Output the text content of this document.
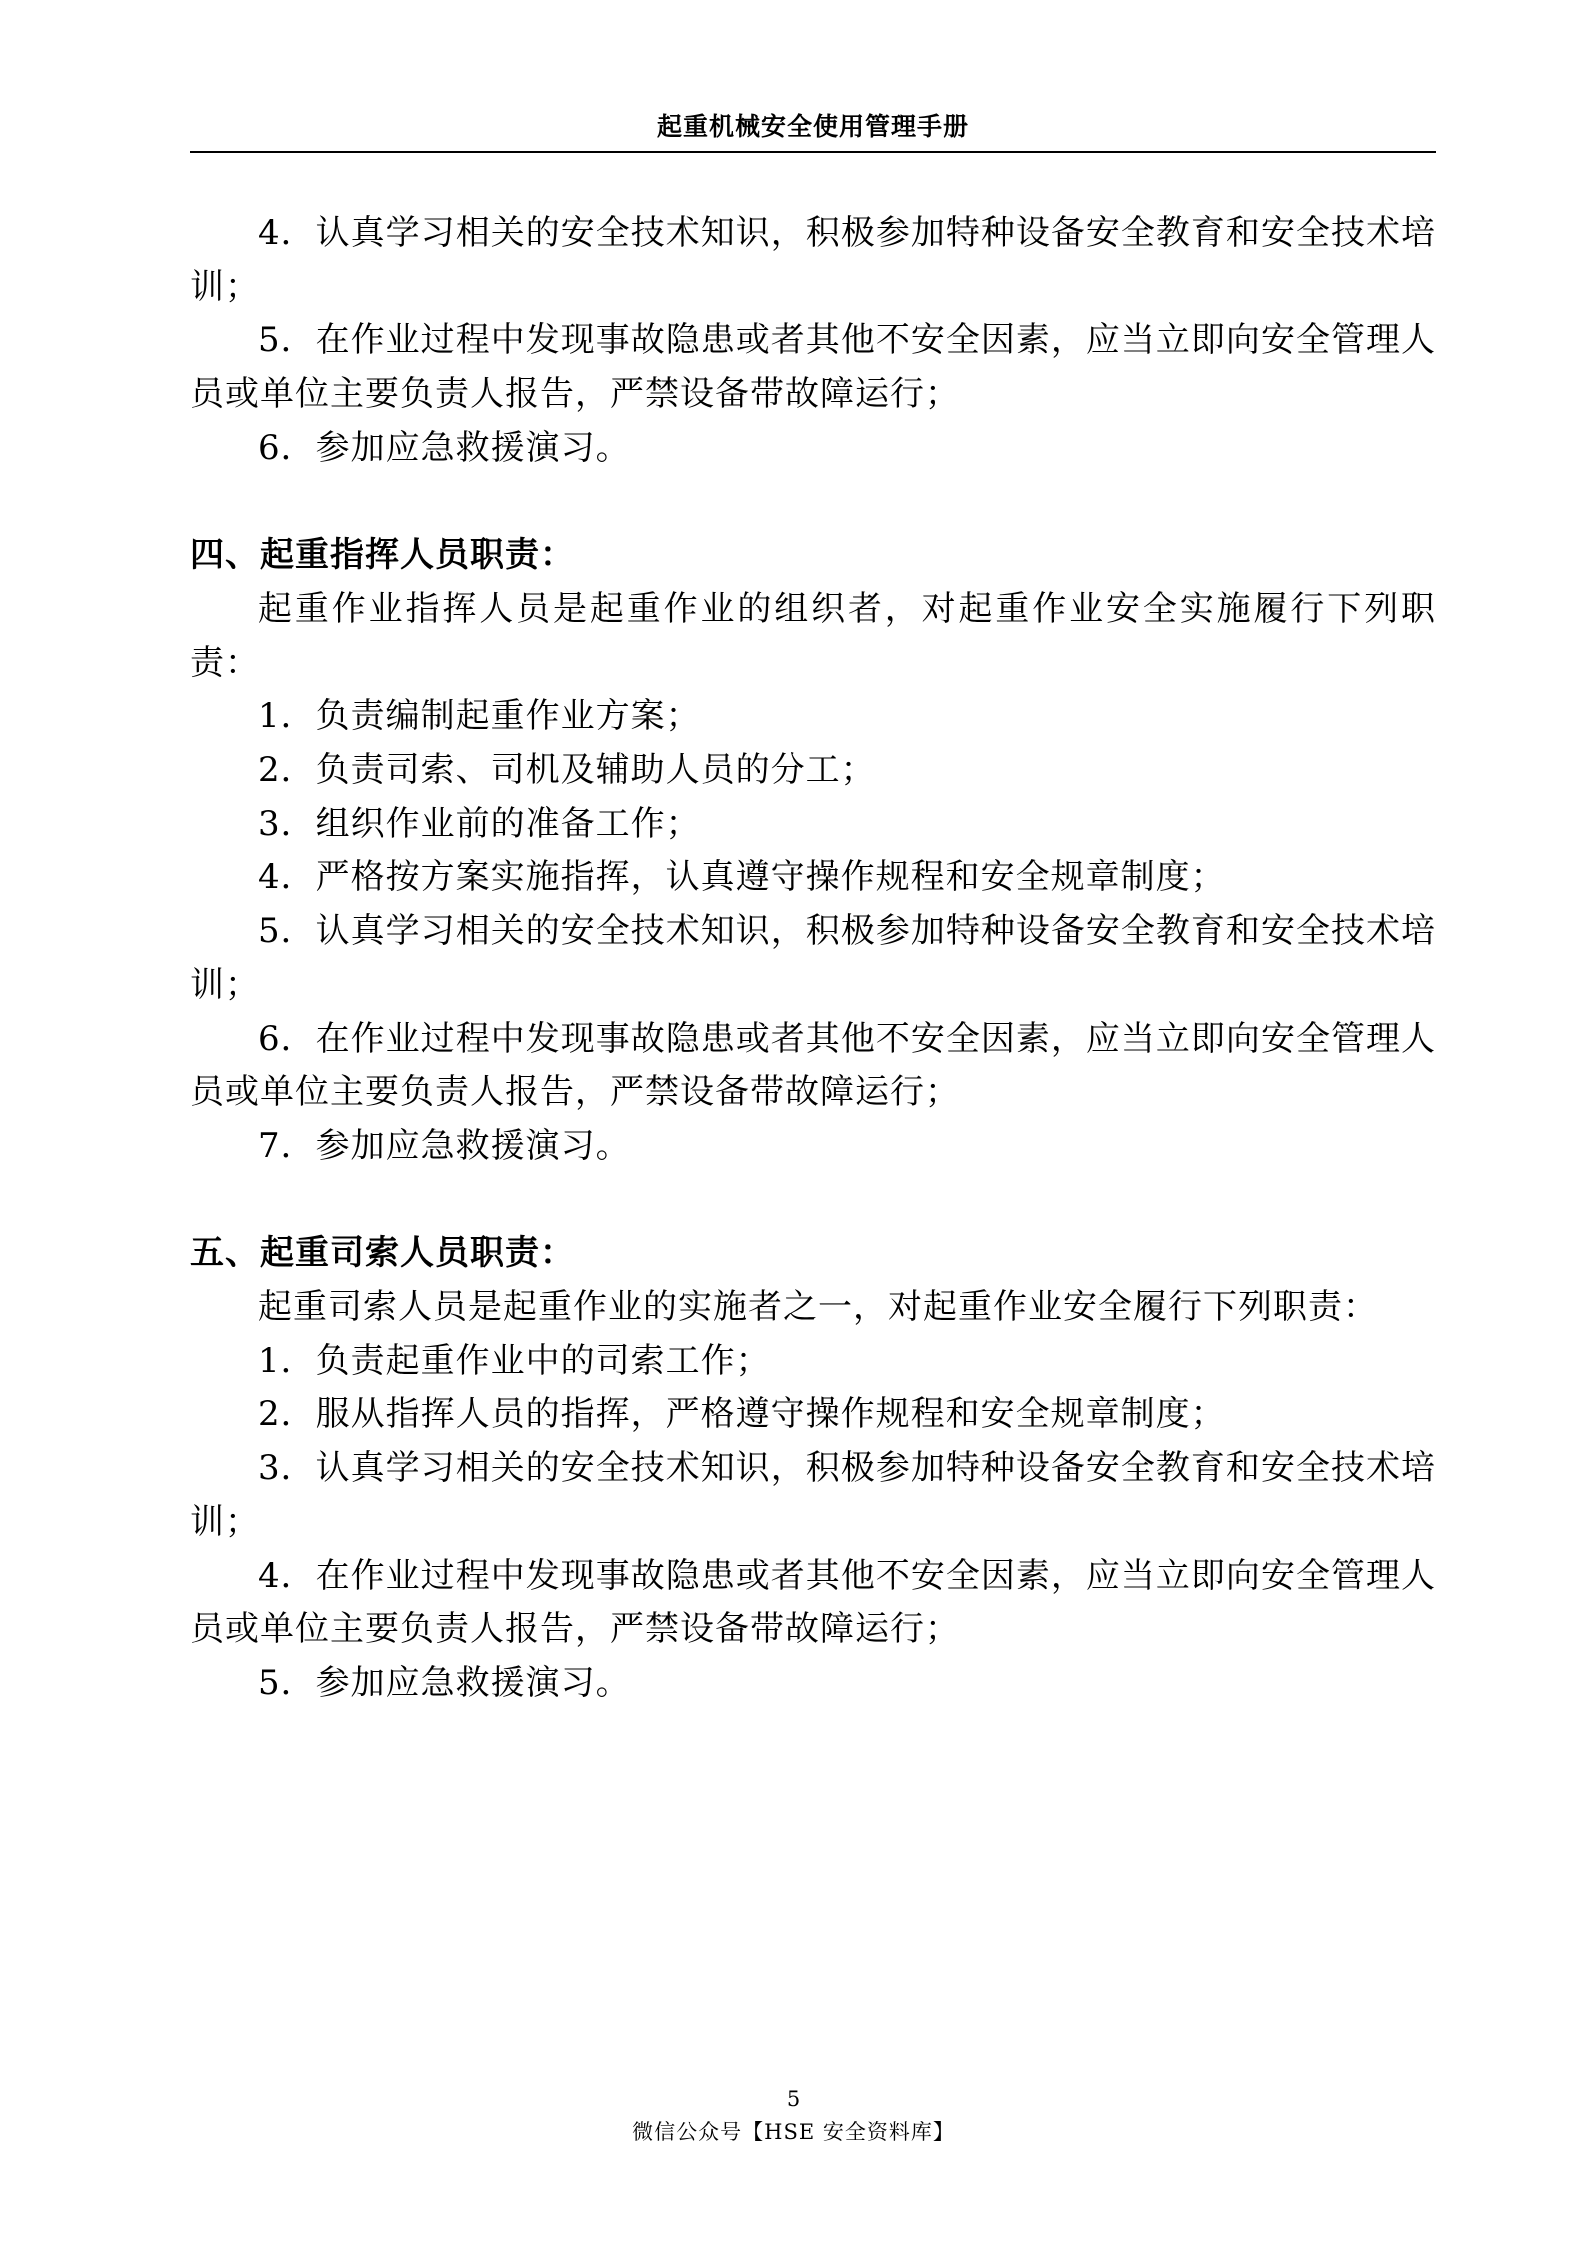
起重机械安全使用管理手册

4．认真学习相关的安全技术知识，积极参加特种设备安全教育和安全技术培训；

5．在作业过程中发现事故隐患或者其他不安全因素，应当立即向安全管理人员或单位主要负责人报告，严禁设备带故障运行；

6．参加应急救援演习。

四、起重指挥人员职责：

起重作业指挥人员是起重作业的组织者，对起重作业安全实施履行下列职责：

1．负责编制起重作业方案；

2．负责司索、司机及辅助人员的分工；

3．组织作业前的准备工作；

4．严格按方案实施指挥，认真遵守操作规程和安全规章制度；

5．认真学习相关的安全技术知识，积极参加特种设备安全教育和安全技术培训；

6．在作业过程中发现事故隐患或者其他不安全因素，应当立即向安全管理人员或单位主要负责人报告，严禁设备带故障运行；

7．参加应急救援演习。

五、起重司索人员职责：

起重司索人员是起重作业的实施者之一，对起重作业安全履行下列职责：

1．负责起重作业中的司索工作；

2．服从指挥人员的指挥，严格遵守操作规程和安全规章制度；

3．认真学习相关的安全技术知识，积极参加特种设备安全教育和安全技术培训；

4．在作业过程中发现事故隐患或者其他不安全因素，应当立即向安全管理人员或单位主要负责人报告，严禁设备带故障运行；

5．参加应急救援演习。

5
微信公众号【HSE 安全资料库】
